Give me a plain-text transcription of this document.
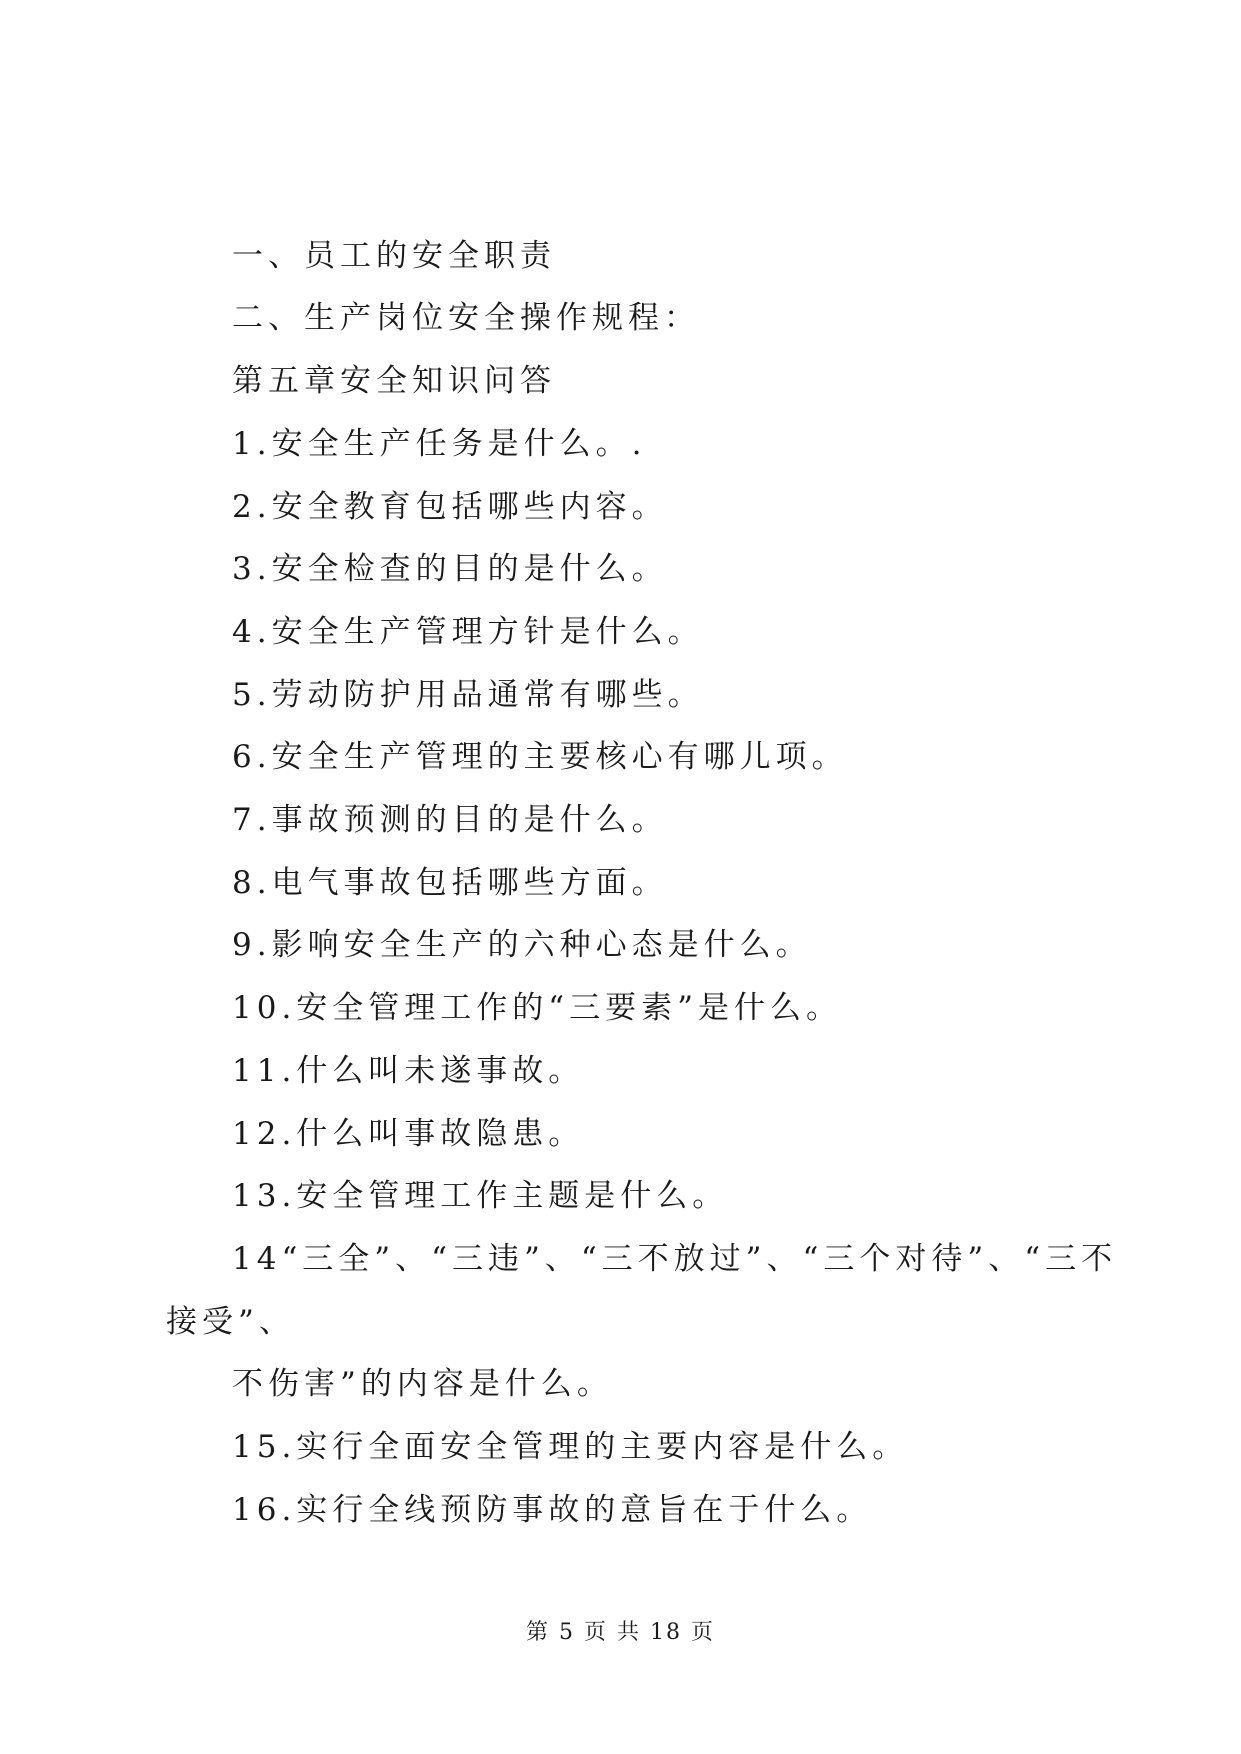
一、员工的安全职责
二、生产岗位安全操作规程：
第五章安全知识问答
1.安全生产任务是什么。.
2.安全教育包括哪些内容。
3.安全检查的目的是什么。
4.安全生产管理方针是什么。
5.劳动防护用品通常有哪些。
6.安全生产管理的主要核心有哪儿项。
7.事故预测的目的是什么。
8.电气事故包括哪些方面。
9.影响安全生产的六种心态是什么。
10.安全管理工作的“三要素”是什么。
11.什么叫未遂事故。
12.什么叫事故隐患。
13.安全管理工作主题是什么。
14“三全”、“三违”、“三不放过”、“三个对待”、“三不
接受”、
不伤害”的内容是什么。
15.实行全面安全管理的主要内容是什么。
16.实行全线预防事故的意旨在于什么。
第 5 页 共 18 页
